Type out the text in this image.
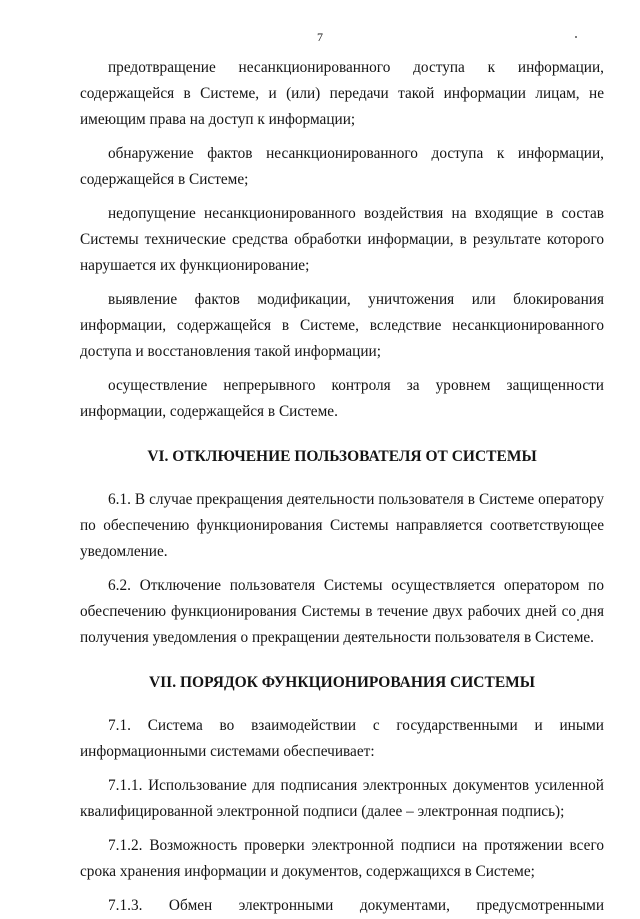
7

предотвращение несанкционированного доступа к информации,

содержащейся в Системе, и (или) передачи такой информации лицам, не

имеющим права на доступ к информации;

обнаружение фактов несанкционированного доступа к информации,

содержащейся в Системе;

недопущение несанкционированного воздействия на входящие в состав

Системы технические средства обработки информации, в результате которого

нарушается их функционирование;

выявление фактов модификации, уничтожения или блокирования

информации, содержащейся в Системе, вследствие несанкционированного

доступа и восстановления такой информации;

осуществление непрерывного контроля за уровнем защищенности

информации, содержащейся в Системе.

VI. ОТКЛЮЧЕНИЕ ПОЛЬЗОВАТЕЛЯ ОТ СИСТЕМЫ

6.1. В случае прекращения деятельности пользователя в Системе оператору

по обеспечению функционирования Системы направляется соответствующее

уведомление.

6.2. Отключение пользователя Системы осуществляется оператором по

обеспечению функционирования Системы в течение двух рабочих дней со дня

получения уведомления о прекращении деятельности пользователя в Системе.

VII. ПОРЯДОК ФУНКЦИОНИРОВАНИЯ СИСТЕМЫ

7.1. Система во взаимодействии с государственными и иными

информационными системами обеспечивает:

7.1.1. Использование для подписания электронных документов усиленной

квалифицированной электронной подписи (далее – электронная подпись);

7.1.2. Возможность проверки электронной подписи на протяжении всего

срока хранения информации и документов, содержащихся в Системе;

7.1.3. Обмен электронными документами, предусмотренными
